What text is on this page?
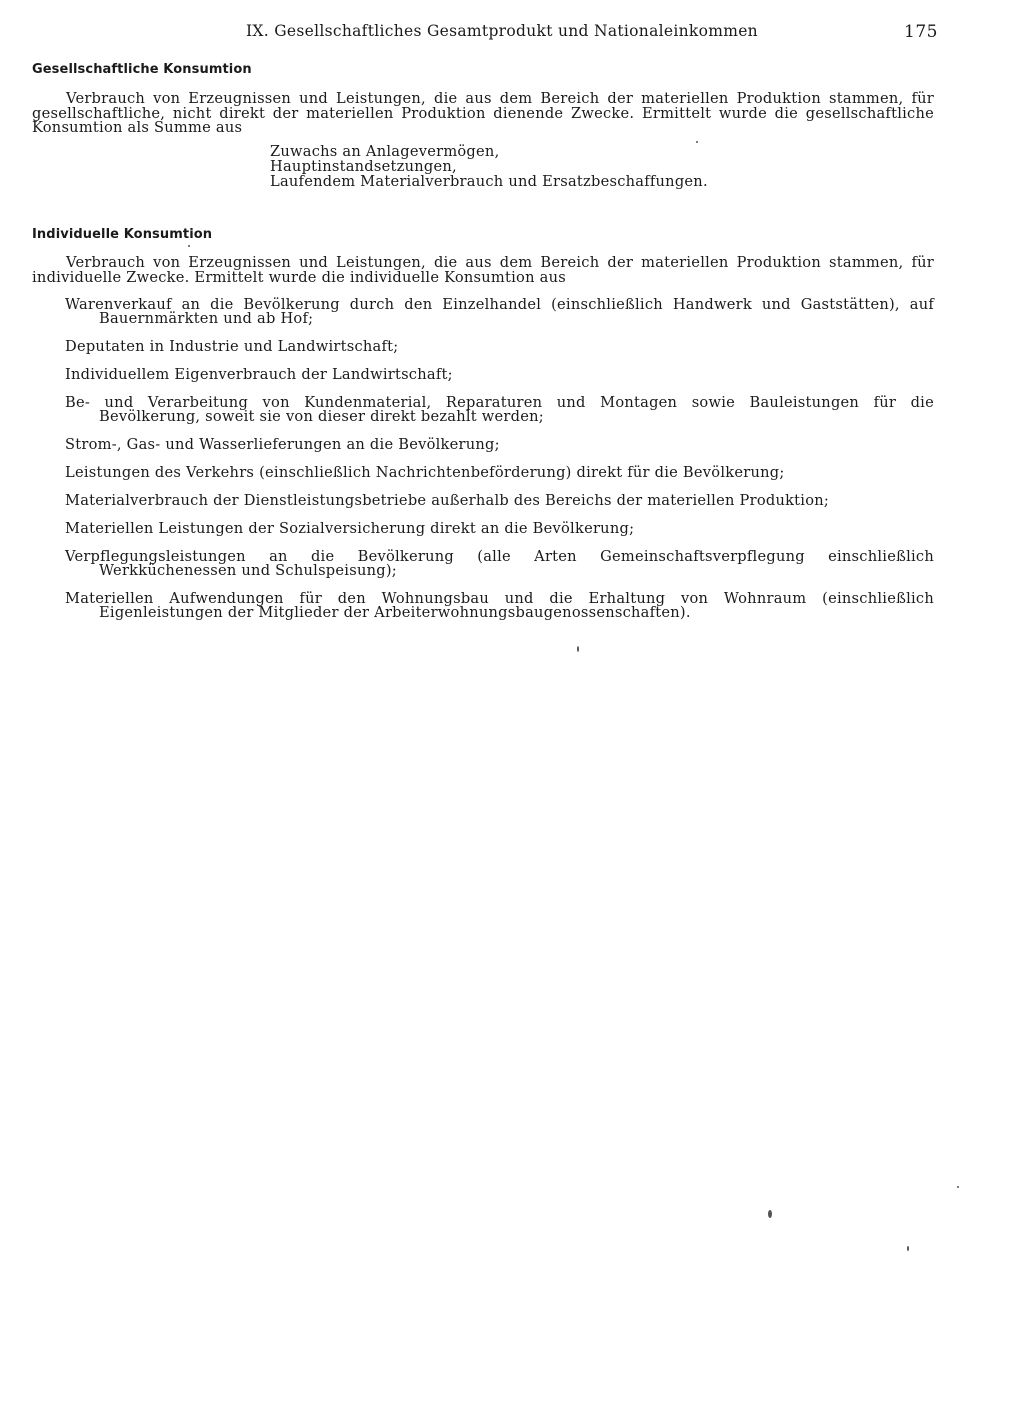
IX. Gesellschaftliches Gesamtprodukt und Nationaleinkommen	175
Gesellschaftliche Konsumtion

Verbrauch von Erzeugnissen und Leistungen, die aus dem Bereich der materiellen Produktion stammen, für gesellschaftliche, nicht direkt der materiellen Produktion dienende Zwecke. Ermittelt wurde die gesellschaftliche Konsumtion als Summe aus

Zuwachs an Anlagevermögen,
Hauptinstandsetzungen,
Laufendem Materialverbrauch und Ersatzbeschaffungen.
Individuelle Konsumtion

Verbrauch von Erzeugnissen und Leistungen, die aus dem Bereich der materiellen Produktion stammen, für individuelle Zwecke. Ermittelt wurde die individuelle Konsumtion aus

Warenverkauf an die Bevölkerung durch den Einzelhandel (einschließlich Handwerk und Gaststätten), auf Bauernmärkten und ab Hof;
Deputaten in Industrie und Landwirtschaft;
Individuellem Eigenverbrauch der Landwirtschaft;
Be- und Verarbeitung von Kundenmaterial, Reparaturen und Montagen sowie Bauleistungen für die Bevölkerung, soweit sie von dieser direkt bezahlt werden;
Strom-, Gas- und Wasserlieferungen an die Bevölkerung;
Leistungen des Verkehrs (einschließlich Nachrichtenbeförderung) direkt für die Bevölkerung;
Materialverbrauch der Dienstleistungsbetriebe außerhalb des Bereichs der materiellen Produktion;
Materiellen Leistungen der Sozialversicherung direkt an die Bevölkerung;
Verpflegungsleistungen an die Bevölkerung (alle Arten Gemeinschaftsverpflegung einschließlich Werkküchenessen und Schulspeisung);
Materiellen Aufwendungen für den Wohnungsbau und die Erhaltung von Wohnraum (einschließlich Eigenleistungen der Mitglieder der Arbeiterwohnungsbaugenossenschaften).
